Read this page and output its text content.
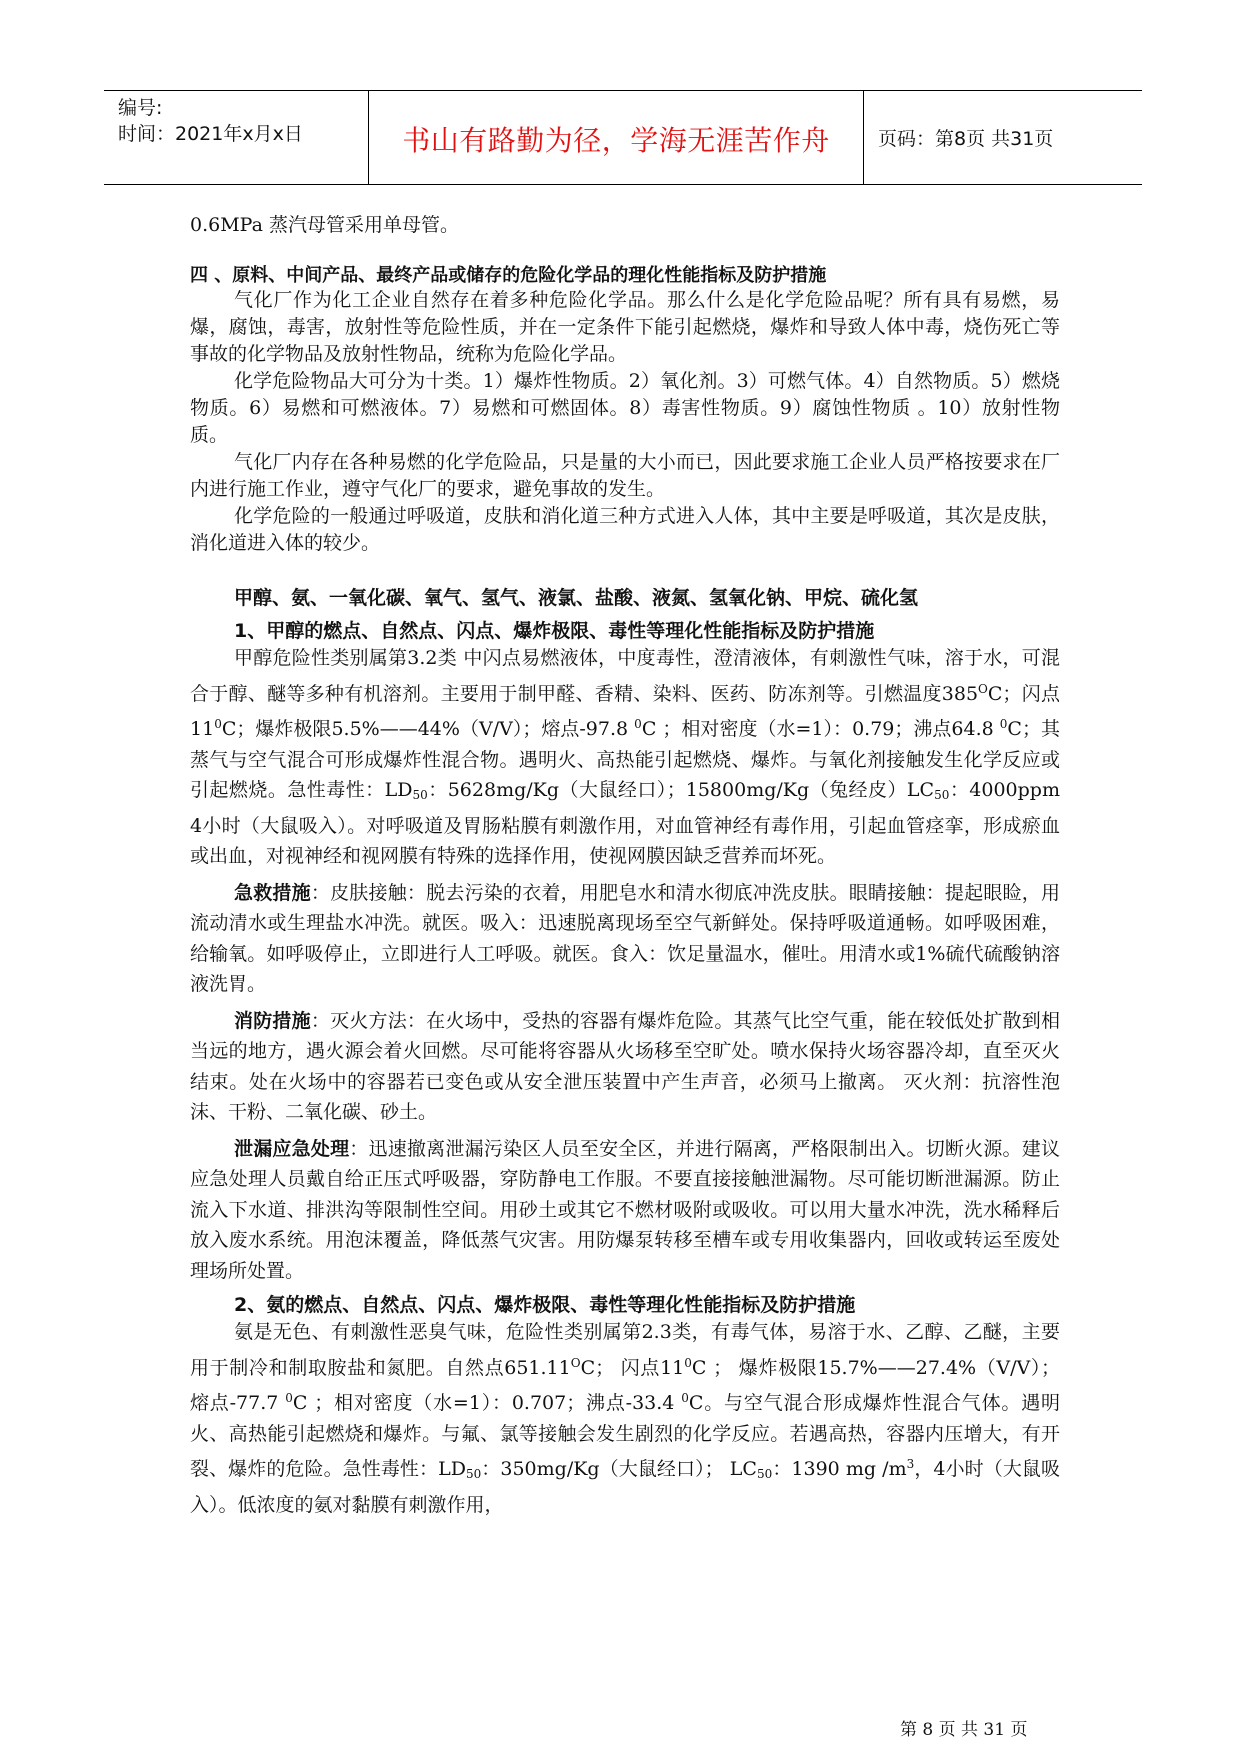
编号:
时间：2021年x月x日	书山有路勤为径，学海无涯苦作舟	页码：第8页 共31页

0.6MPa 蒸汽母管采用单母管。

四 、原料、中间产品、最终产品或储存的危险化学品的理化性能指标及防护措施

气化厂作为化工企业自然存在着多种危险化学品。那么什么是化学危险品呢？所有具有易燃，易爆，腐蚀，毒害，放射性等危险性质，并在一定条件下能引起燃烧，爆炸和导致人体中毒，烧伤死亡等事故的化学物品及放射性物品，统称为危险化学品。

化学危险物品大可分为十类。1）爆炸性物质。2）氧化剂。3）可燃气体。4）自然物质。5）燃烧物质。6）易燃和可燃液体。7）易燃和可燃固体。8）毒害性物质。9）腐蚀性物质 。10）放射性物质。

气化厂内存在各种易燃的化学危险品，只是量的大小而已，因此要求施工企业人员严格按要求在厂内进行施工作业，遵守气化厂的要求，避免事故的发生。

化学危险的一般通过呼吸道，皮肤和消化道三种方式进入人体，其中主要是呼吸道，其次是皮肤，消化道进入体的较少。

甲醇、氨、一氧化碳、氧气、氢气、液氯、盐酸、液氮、氢氧化钠、甲烷、硫化氢

1、甲醇的燃点、自然点、闪点、爆炸极限、毒性等理化性能指标及防护措施

甲醇危险性类别属第3.2类 中闪点易燃液体，中度毒性，澄清液体，有刺激性气味，溶于水，可混合于醇、醚等多种有机溶剂。主要用于制甲醛、香精、染料、医药、防冻剂等。引燃温度$385^OC$；闪点$11^0C$；爆炸极限5.5%——44%（V/V）；熔点-97.8 $^0$C ；相对密度（水=1）：0.79；沸点64.8 $^0$C；其蒸气与空气混合可形成爆炸性混合物。遇明火、高热能引起燃烧、爆炸。与氧化剂接触发生化学反应或引起燃烧。急性毒性：$LD_{50}$：5628mg/Kg（大鼠经口）；15800mg/Kg（兔经皮）$LC_{50}$：4000ppm 4小时（大鼠吸入）。对呼吸道及胃肠粘膜有刺激作用，对血管神经有毒作用，引起血管痉挛，形成瘀血或出血，对视神经和视网膜有特殊的选择作用，使视网膜因缺乏营养而坏死。

急救措施：皮肤接触：脱去污染的衣着，用肥皂水和清水彻底冲洗皮肤。眼睛接触：提起眼睑，用流动清水或生理盐水冲洗。就医。吸入：迅速脱离现场至空气新鲜处。保持呼吸道通畅。如呼吸困难，给输氧。如呼吸停止，立即进行人工呼吸。就医。食入：饮足量温水，催吐。用清水或1%硫代硫酸钠溶液洗胃。

消防措施：灭火方法：在火场中，受热的容器有爆炸危险。其蒸气比空气重，能在较低处扩散到相当远的地方，遇火源会着火回燃。尽可能将容器从火场移至空旷处。喷水保持火场容器冷却，直至灭火结束。处在火场中的容器若已变色或从安全泄压装置中产生声音，必须马上撤离。 灭火剂：抗溶性泡沫、干粉、二氧化碳、砂土。

泄漏应急处理：迅速撤离泄漏污染区人员至安全区，并进行隔离，严格限制出入。切断火源。建议应急处理人员戴自给正压式呼吸器，穿防静电工作服。不要直接接触泄漏物。尽可能切断泄漏源。防止流入下水道、排洪沟等限制性空间。用砂土或其它不燃材吸附或吸收。可以用大量水冲洗，洗水稀释后放入废水系统。用泡沫覆盖，降低蒸气灾害。用防爆泵转移至槽车或专用收集器内，回收或转运至废处理场所处置。

2、氨的燃点、自然点、闪点、爆炸极限、毒性等理化性能指标及防护措施

氨是无色、有刺激性恶臭气味，危险性类别属第2.3类，有毒气体，易溶于水、乙醇、乙醚，主要用于制冷和制取胺盐和氮肥。自然点$651.11^OC$； 闪点$11^0C$ ； 爆炸极限15.7%——27.4%（V/V）； 熔点-77.7 $^0$C ；相对密度（水=1）：0.707；沸点-33.4 $^0$C。与空气混合形成爆炸性混合气体。遇明火、高热能引起燃烧和爆炸。与氟、氯等接触会发生剧烈的化学反应。若遇高热，容器内压增大，有开裂、爆炸的危险。急性毒性：$LD_{50}$：350mg/Kg（大鼠经口）； $LC_{50}$：1390 mg $/m^3$，4小时（大鼠吸入）。低浓度的氨对黏膜有刺激作用，

第 8 页 共 31 页
